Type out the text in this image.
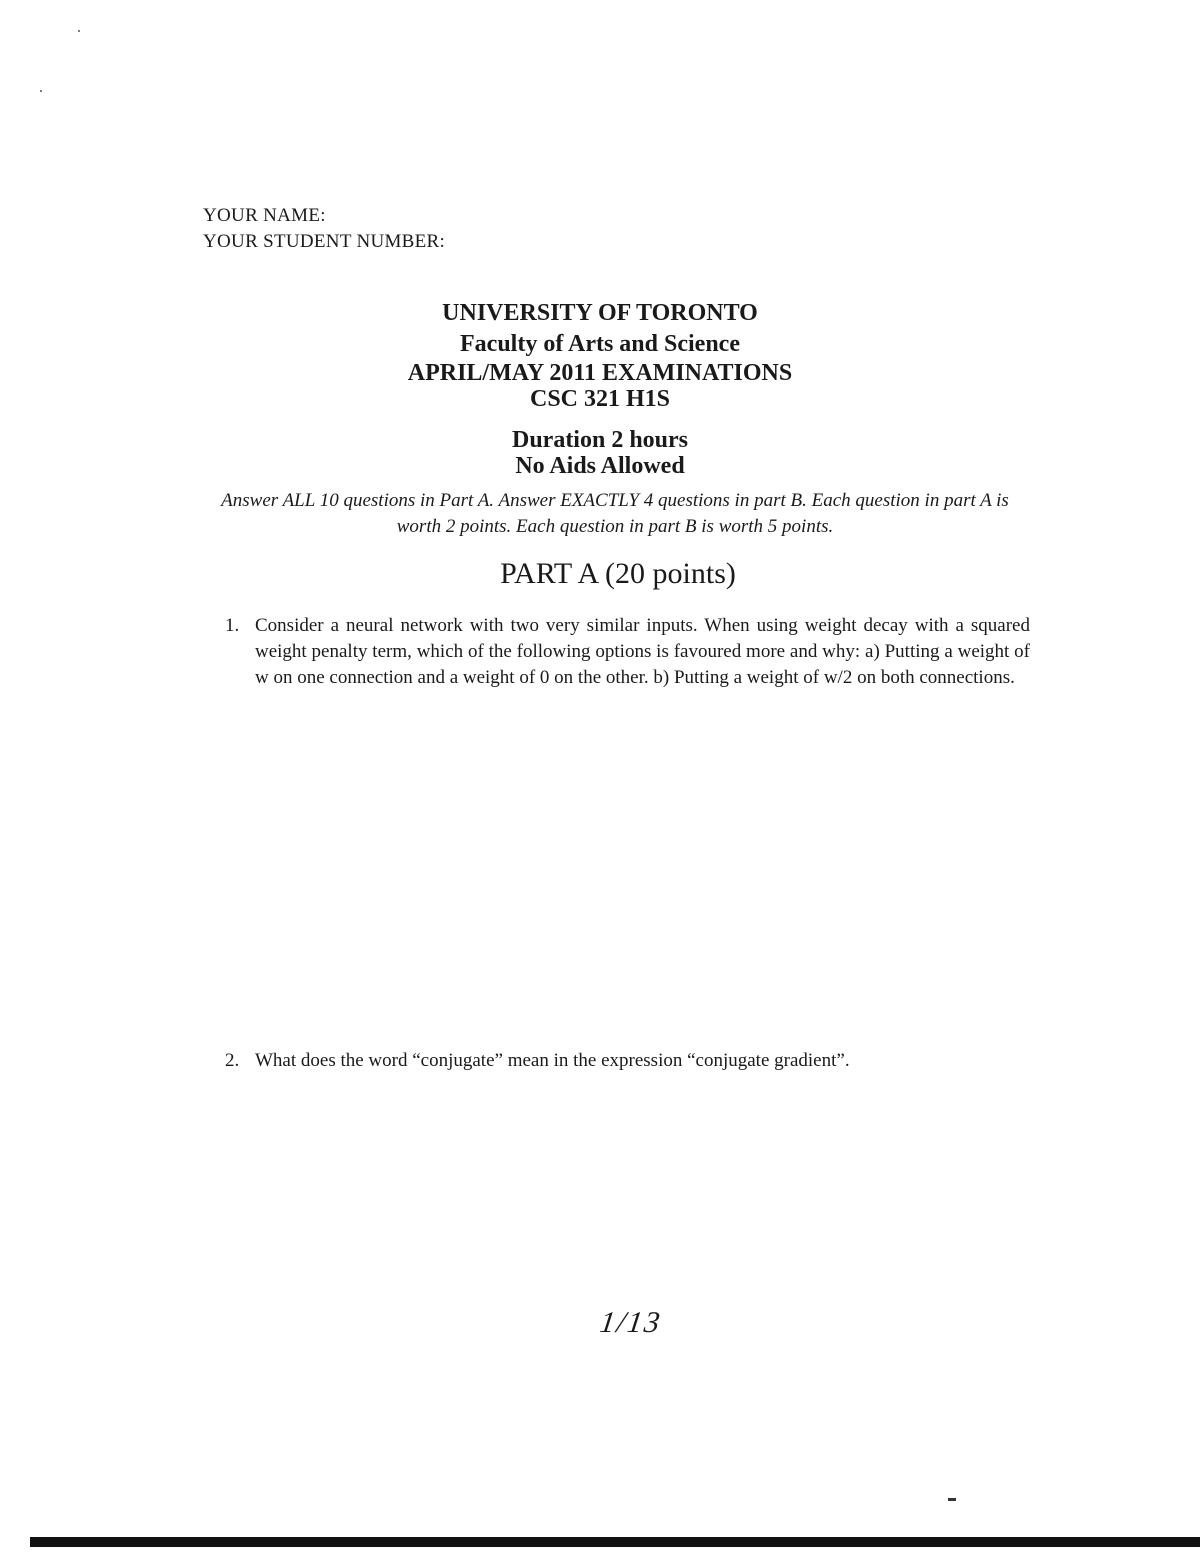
YOUR NAME:
YOUR STUDENT NUMBER:
UNIVERSITY OF TORONTO
Faculty of Arts and Science
APRIL/MAY 2011 EXAMINATIONS
CSC 321 H1S
Duration 2 hours
No Aids Allowed
Answer ALL 10 questions in Part A. Answer EXACTLY 4 questions in part B. Each question in part A is worth 2 points. Each question in part B is worth 5 points.
PART A (20 points)
1. Consider a neural network with two very similar inputs. When using weight decay with a squared weight penalty term, which of the following options is favoured more and why: a) Putting a weight of w on one connection and a weight of 0 on the other. b) Putting a weight of w/2 on both connections.
2. What does the word “conjugate” mean in the expression “conjugate gradient”.
1/13
